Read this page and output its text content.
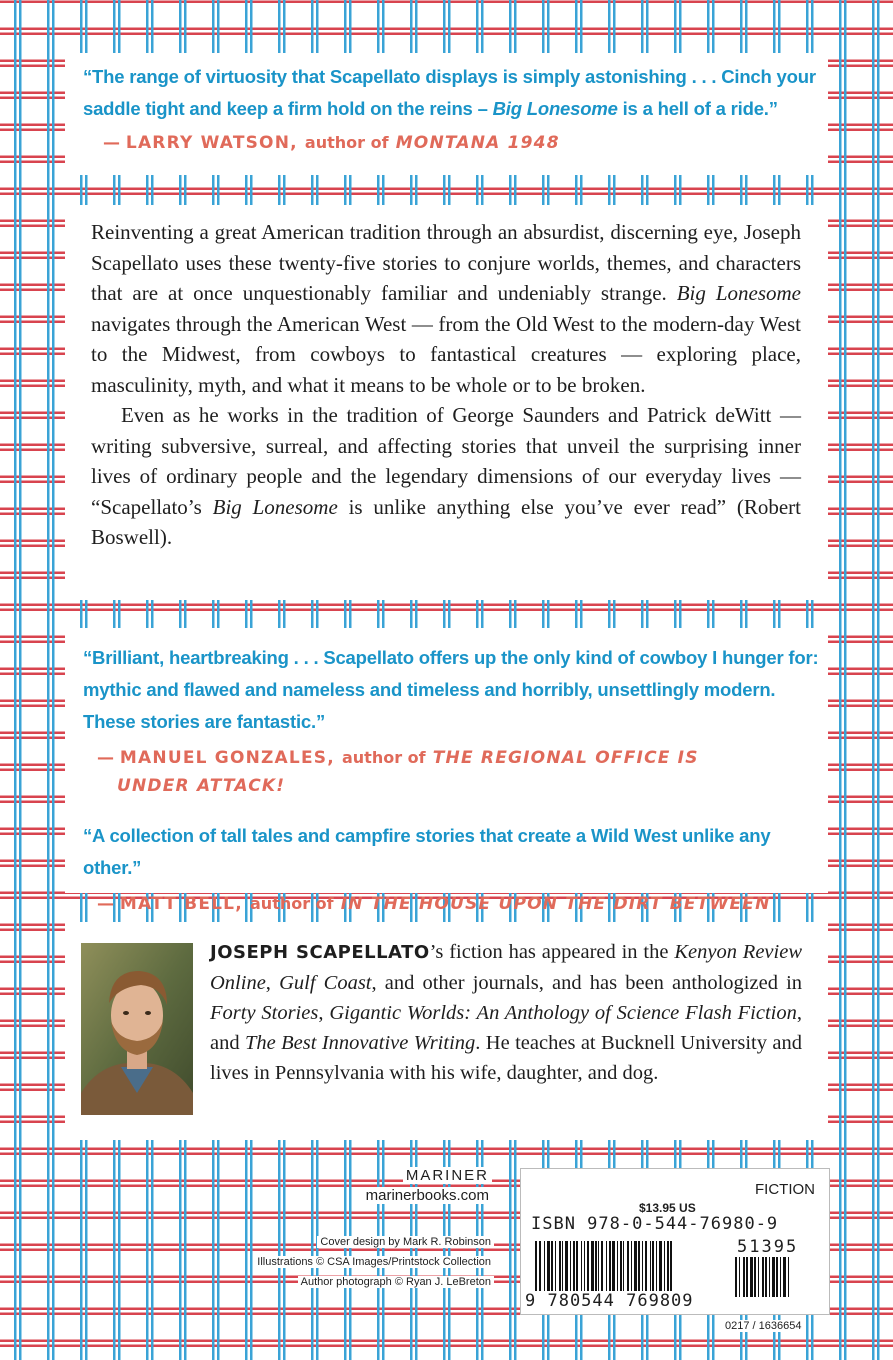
“The range of virtuosity that Scapellato displays is simply astonishing . . . Cinch your saddle tight and keep a firm hold on the reins – Big Lonesome is a hell of a ride.”

— LARRY WATSON, author of MONTANA 1948

Reinventing a great American tradition through an absurdist, discerning eye, Joseph Scapellato uses these twenty-five stories to conjure worlds, themes, and characters that are at once unquestionably familiar and undeniably strange. Big Lonesome navigates through the American West — from the Old West to the modern-day West to the Midwest, from cowboys to fantastical creatures — exploring place, masculinity, myth, and what it means to be whole or to be broken.

Even as he works in the tradition of George Saunders and Patrick deWitt — writing subversive, surreal, and affecting stories that unveil the surprising inner lives of ordinary people and the legendary dimensions of our everyday lives — “Scapellato’s Big Lonesome is unlike anything else you’ve ever read” (Robert Boswell).

“Brilliant, heartbreaking . . . Scapellato offers up the only kind of cowboy I hunger for: mythic and flawed and nameless and timeless and horribly, unsettlingly modern. These stories are fantastic.”

— MANUEL GONZALES, author of THE REGIONAL OFFICE IS
UNDER ATTACK!

“A collection of tall tales and campfire stories that create a Wild West unlike any other.”

— MATT BELL, author of IN THE HOUSE UPON THE DIRT BETWEEN

JOSEPH SCAPELLATO’s fiction has appeared in the Kenyon Review Online, Gulf Coast, and other journals, and has been anthologized in Forty Stories, Gigantic Worlds: An Anthology of Science Flash Fiction, and The Best Innovative Writing. He teaches at Bucknell University and lives in Pennsylvania with his wife, daughter, and dog.

MARINER
marinerbooks.com
Cover design by Mark R. Robinson
Illustrations © CSA Images/Printstock Collection
Author photograph © Ryan J. LeBreton
FICTION
$13.95 US
ISBN 978-0-544-76980-9
51395
9 780544 769809
0217 / 1636654
